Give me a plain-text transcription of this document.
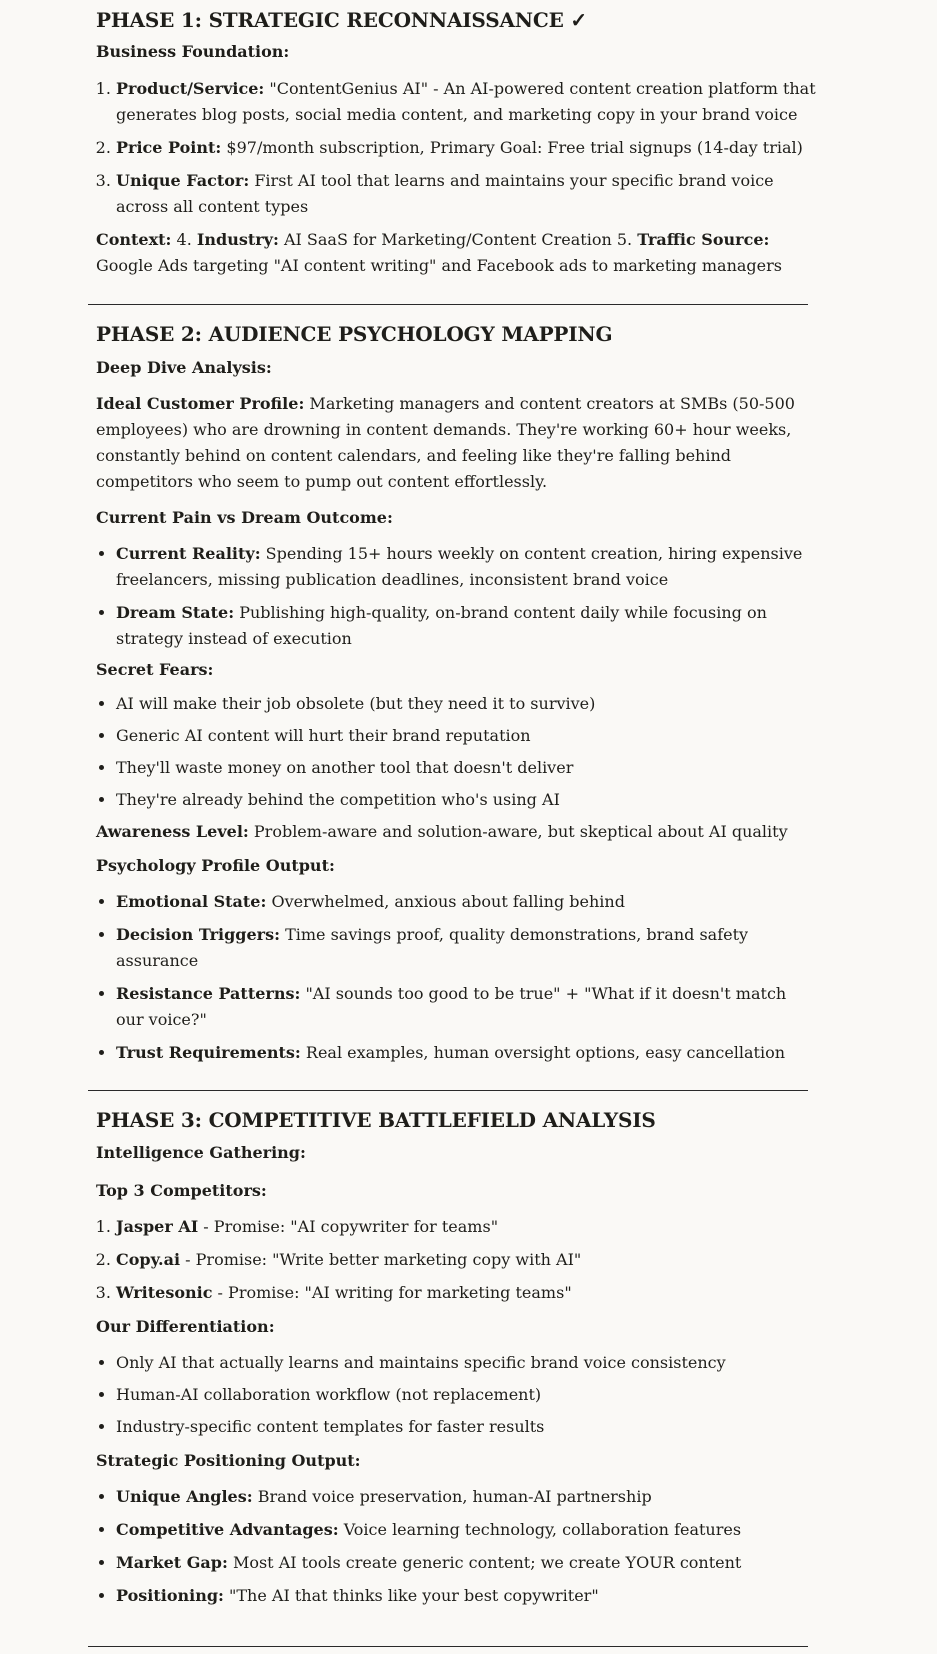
PHASE 1: STRATEGIC RECONNAISSANCE ✓

Business Foundation:

1. Product/Service: "ContentGenius AI" - An AI-powered content creation platform that generates blog posts, social media content, and marketing copy in your brand voice
2. Price Point: $97/month subscription, Primary Goal: Free trial signups (14-day trial)
3. Unique Factor: First AI tool that learns and maintains your specific brand voice across all content types

Context: 4. Industry: AI SaaS for Marketing/Content Creation 5. Traffic Source: Google Ads targeting "AI content writing" and Facebook ads to marketing managers

PHASE 2: AUDIENCE PSYCHOLOGY MAPPING

Deep Dive Analysis:

Ideal Customer Profile: Marketing managers and content creators at SMBs (50-500 employees) who are drowning in content demands. They're working 60+ hour weeks, constantly behind on content calendars, and feeling like they're falling behind competitors who seem to pump out content effortlessly.

Current Pain vs Dream Outcome:

• Current Reality: Spending 15+ hours weekly on content creation, hiring expensive freelancers, missing publication deadlines, inconsistent brand voice
• Dream State: Publishing high-quality, on-brand content daily while focusing on strategy instead of execution

Secret Fears:

• AI will make their job obsolete (but they need it to survive)
• Generic AI content will hurt their brand reputation
• They'll waste money on another tool that doesn't deliver
• They're already behind the competition who's using AI

Awareness Level: Problem-aware and solution-aware, but skeptical about AI quality

Psychology Profile Output:

• Emotional State: Overwhelmed, anxious about falling behind
• Decision Triggers: Time savings proof, quality demonstrations, brand safety assurance
• Resistance Patterns: "AI sounds too good to be true" + "What if it doesn't match our voice?"
• Trust Requirements: Real examples, human oversight options, easy cancellation
PHASE 3: COMPETITIVE BATTLEFIELD ANALYSIS

Intelligence Gathering:

Top 3 Competitors:

1. Jasper AI - Promise: "AI copywriter for teams"
2. Copy.ai - Promise: "Write better marketing copy with AI"
3. Writesonic - Promise: "AI writing for marketing teams"

Our Differentiation:

• Only AI that actually learns and maintains specific brand voice consistency
• Human-AI collaboration workflow (not replacement)
• Industry-specific content templates for faster results

Strategic Positioning Output:

• Unique Angles: Brand voice preservation, human-AI partnership
• Competitive Advantages: Voice learning technology, collaboration features
• Market Gap: Most AI tools create generic content; we create YOUR content
• Positioning: "The AI that thinks like your best copywriter"
